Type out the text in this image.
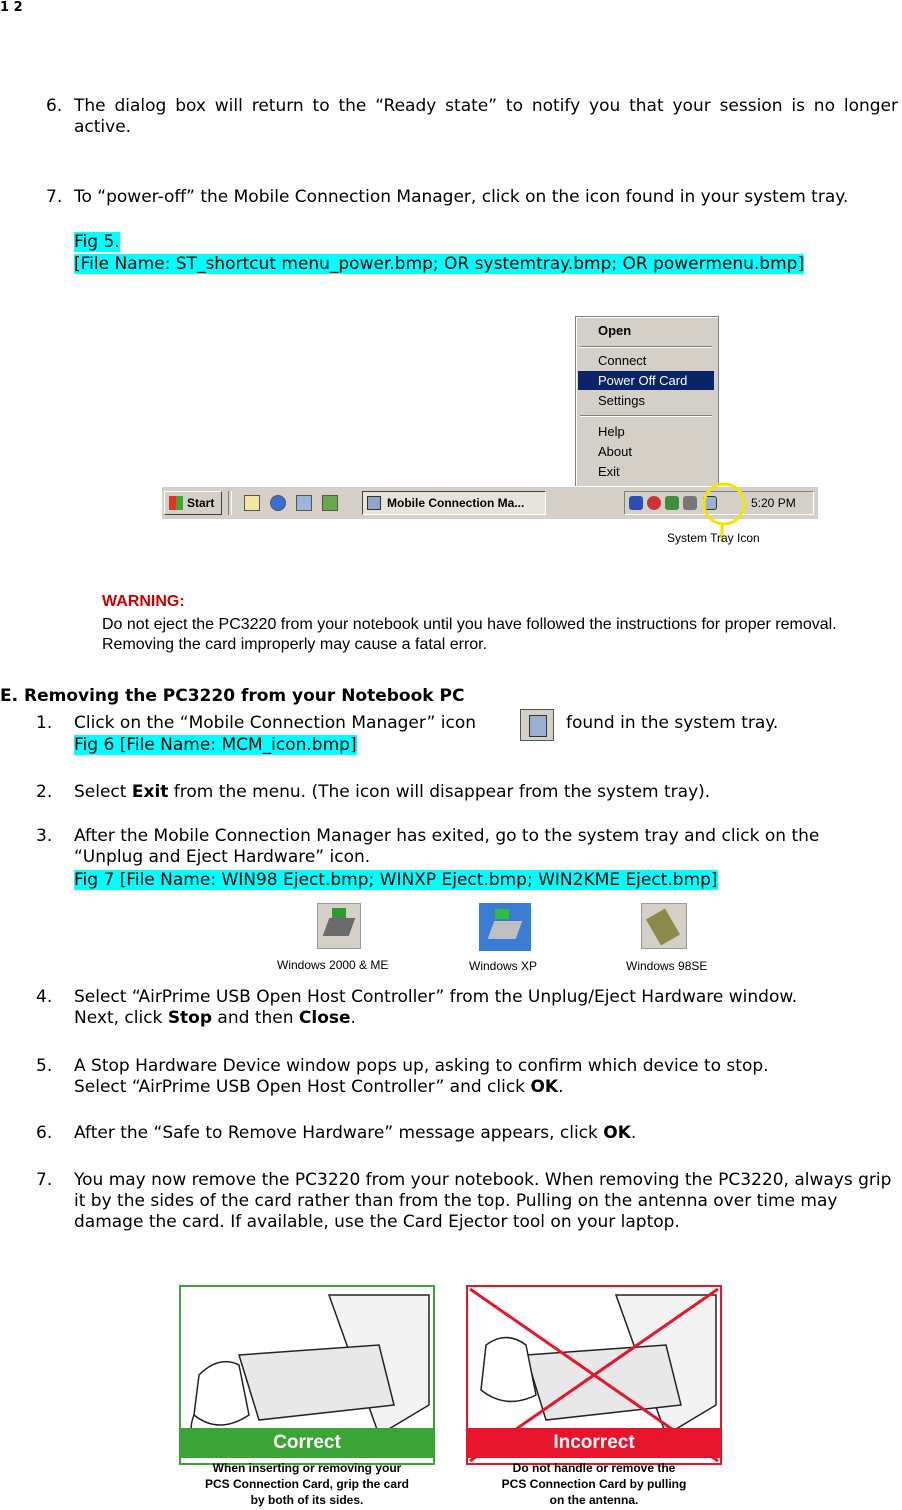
1 2
6. The dialog box will return to the “Ready state” to notify you that your session is no longer active.
7. To “power-off” the Mobile Connection Manager, click on the icon found in your system tray.
Fig 5.
[File Name: ST_shortcut menu_power.bmp; OR systemtray.bmp; OR powermenu.bmp]
Open
Connect
Power Off Card
Settings
Help
About
Exit
Start	Mobile Connection Ma...	5:20 PM
System Tray Icon
WARNING:
Do not eject the PC3220 from your notebook until you have followed the instructions for proper removal. Removing the card improperly may cause a fatal error.
E. Removing the PC3220 from your Notebook PC
1. Click on the “Mobile Connection Manager” icon	found in the system tray.
Fig 6 [File Name: MCM_icon.bmp]
2. Select Exit from the menu. (The icon will disappear from the system tray).
3. After the Mobile Connection Manager has exited, go to the system tray and click on the “Unplug and Eject Hardware” icon.
Fig 7 [File Name: WIN98 Eject.bmp; WINXP Eject.bmp; WIN2KME Eject.bmp]
Windows 2000 & ME	Windows XP	Windows 98SE
4. Select “AirPrime USB Open Host Controller” from the Unplug/Eject Hardware window.
Next, click Stop and then Close.
5. A Stop Hardware Device window pops up, asking to confirm which device to stop.
Select “AirPrime USB Open Host Controller” and click OK.
6. After the “Safe to Remove Hardware” message appears, click OK.
7. You may now remove the PC3220 from your notebook. When removing the PC3220, always grip it by the sides of the card rather than from the top. Pulling on the antenna over time may damage the card. If available, use the Card Ejector tool on your laptop.
Correct
When inserting or removing your
PCS Connection Card, grip the card
by both of its sides.
Incorrect
Do not handle or remove the
PCS Connection Card by pulling
on the antenna.
